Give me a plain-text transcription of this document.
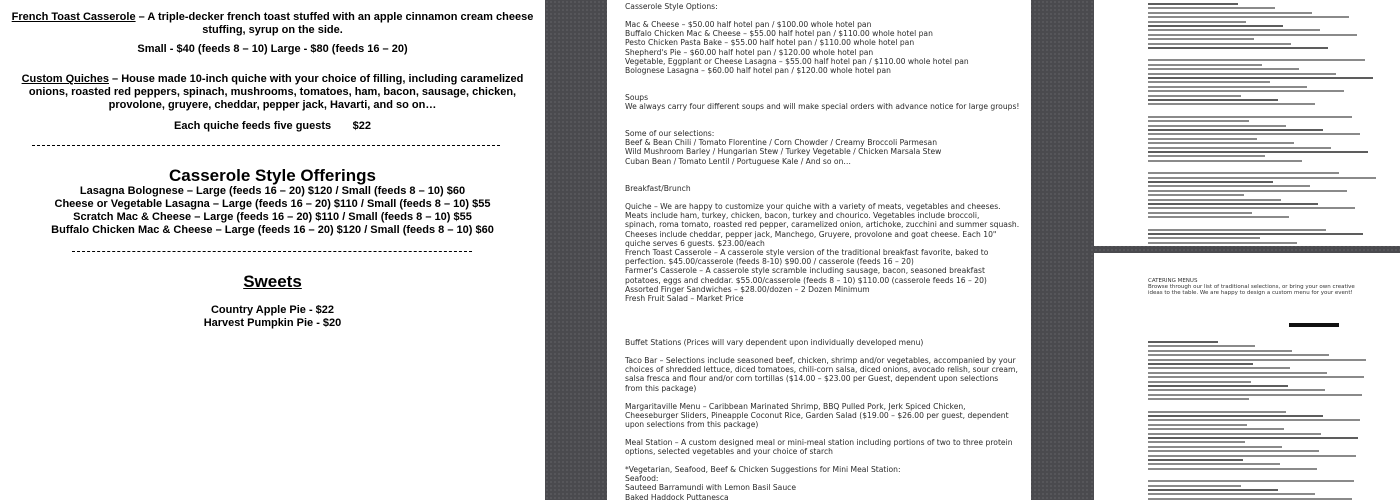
French Toast Casserole – A triple-decker french toast stuffed with an apple cinnamon cream cheese
stuffing, syrup on the side.
Small - $40 (feeds 8 – 10) Large - $80 (feeds 16 – 20)
Custom Quiches – House made 10-inch quiche with your choice of filling, including caramelized
onions, roasted red peppers, spinach, mushrooms, tomatoes, ham, bacon, sausage, chicken,
provolone, gruyere, cheddar, pepper jack, Havarti, and so on…
Each quiche feeds five guests $22
Casserole Style Offerings
Lasagna Bolognese – Large (feeds 16 – 20) $120 / Small (feeds 8 – 10) $60
Cheese or Vegetable Lasagna – Large (feeds 16 – 20) $110 / Small (feeds 8 – 10) $55
Scratch Mac & Cheese – Large (feeds 16 – 20) $110 / Small (feeds 8 – 10) $55
Buffalo Chicken Mac & Cheese – Large (feeds 16 – 20) $120 / Small (feeds 8 – 10) $60
Sweets
Country Apple Pie - $22
Harvest Pumpkin Pie - $20
Casserole Style Options:
Mac & Cheese – $50.00 half hotel pan / $100.00 whole hotel pan
Buffalo Chicken Mac & Cheese – $55.00 half hotel pan / $110.00 whole hotel pan
Pesto Chicken Pasta Bake – $55.00 half hotel pan / $110.00 whole hotel pan
Shepherd's Pie – $60.00 half hotel pan / $120.00 whole hotel pan
Vegetable, Eggplant or Cheese Lasagna – $55.00 half hotel pan / $110.00 whole hotel pan
Bolognese Lasagna – $60.00 half hotel pan / $120.00 whole hotel pan
Soups
We always carry four different soups and will make special orders with advance notice for large groups!
Some of our selections:
Beef & Bean Chili / Tomato Florentine / Corn Chowder / Creamy Broccoli Parmesan
Wild Mushroom Barley / Hungarian Stew / Turkey Vegetable / Chicken Marsala Stew
Cuban Bean / Tomato Lentil / Portuguese Kale / And so on…
Breakfast/Brunch
Quiche – We are happy to customize your quiche with a variety of meats, vegetables and cheeses.
Meats include ham, turkey, chicken, bacon, turkey and chourico. Vegetables include broccoli,
spinach, roma tomato, roasted red pepper, caramelized onion, artichoke, zucchini and summer squash.
Cheeses include cheddar, pepper jack, Manchego, Gruyere, provolone and goat cheese. Each 10"
quiche serves 6 guests. $23.00/each
French Toast Casserole – A casserole style version of the traditional breakfast favorite, baked to
perfection. $45.00/casserole (feeds 8-10) $90.00 / casserole (feeds 16 – 20)
Farmer's Casserole – A casserole style scramble including sausage, bacon, seasoned breakfast
potatoes, eggs and cheddar. $55.00/casserole (feeds 8 – 10) $110.00 (casserole feeds 16 – 20)
Assorted Finger Sandwiches – $28.00/dozen – 2 Dozen Minimum
Fresh Fruit Salad – Market Price
Buffet Stations (Prices will vary dependent upon individually developed menu)
Taco Bar – Selections include seasoned beef, chicken, shrimp and/or vegetables, accompanied by your
choices of shredded lettuce, diced tomatoes, chili-corn salsa, diced onions, avocado relish, sour cream,
salsa fresca and flour and/or corn tortillas ($14.00 – $23.00 per Guest, dependent upon selections
from this package)
Margaritaville Menu – Caribbean Marinated Shrimp, BBQ Pulled Pork, Jerk Spiced Chicken,
Cheeseburger Sliders, Pineapple Coconut Rice, Garden Salad ($19.00 – $26.00 per guest, dependent
upon selections from this package)
Meal Station – A custom designed meal or mini-meal station including portions of two to three protein
options, selected vegetables and your choice of starch
*Vegetarian, Seafood, Beef & Chicken Suggestions for Mini Meal Station:
Seafood:
Sauteed Barramundi with Lemon Basil Sauce
Baked Haddock Puttanesca
CATERING MENUS
Browse through our list of traditional selections, or bring your own creative
ideas to the table. We are happy to design a custom menu for your event!
